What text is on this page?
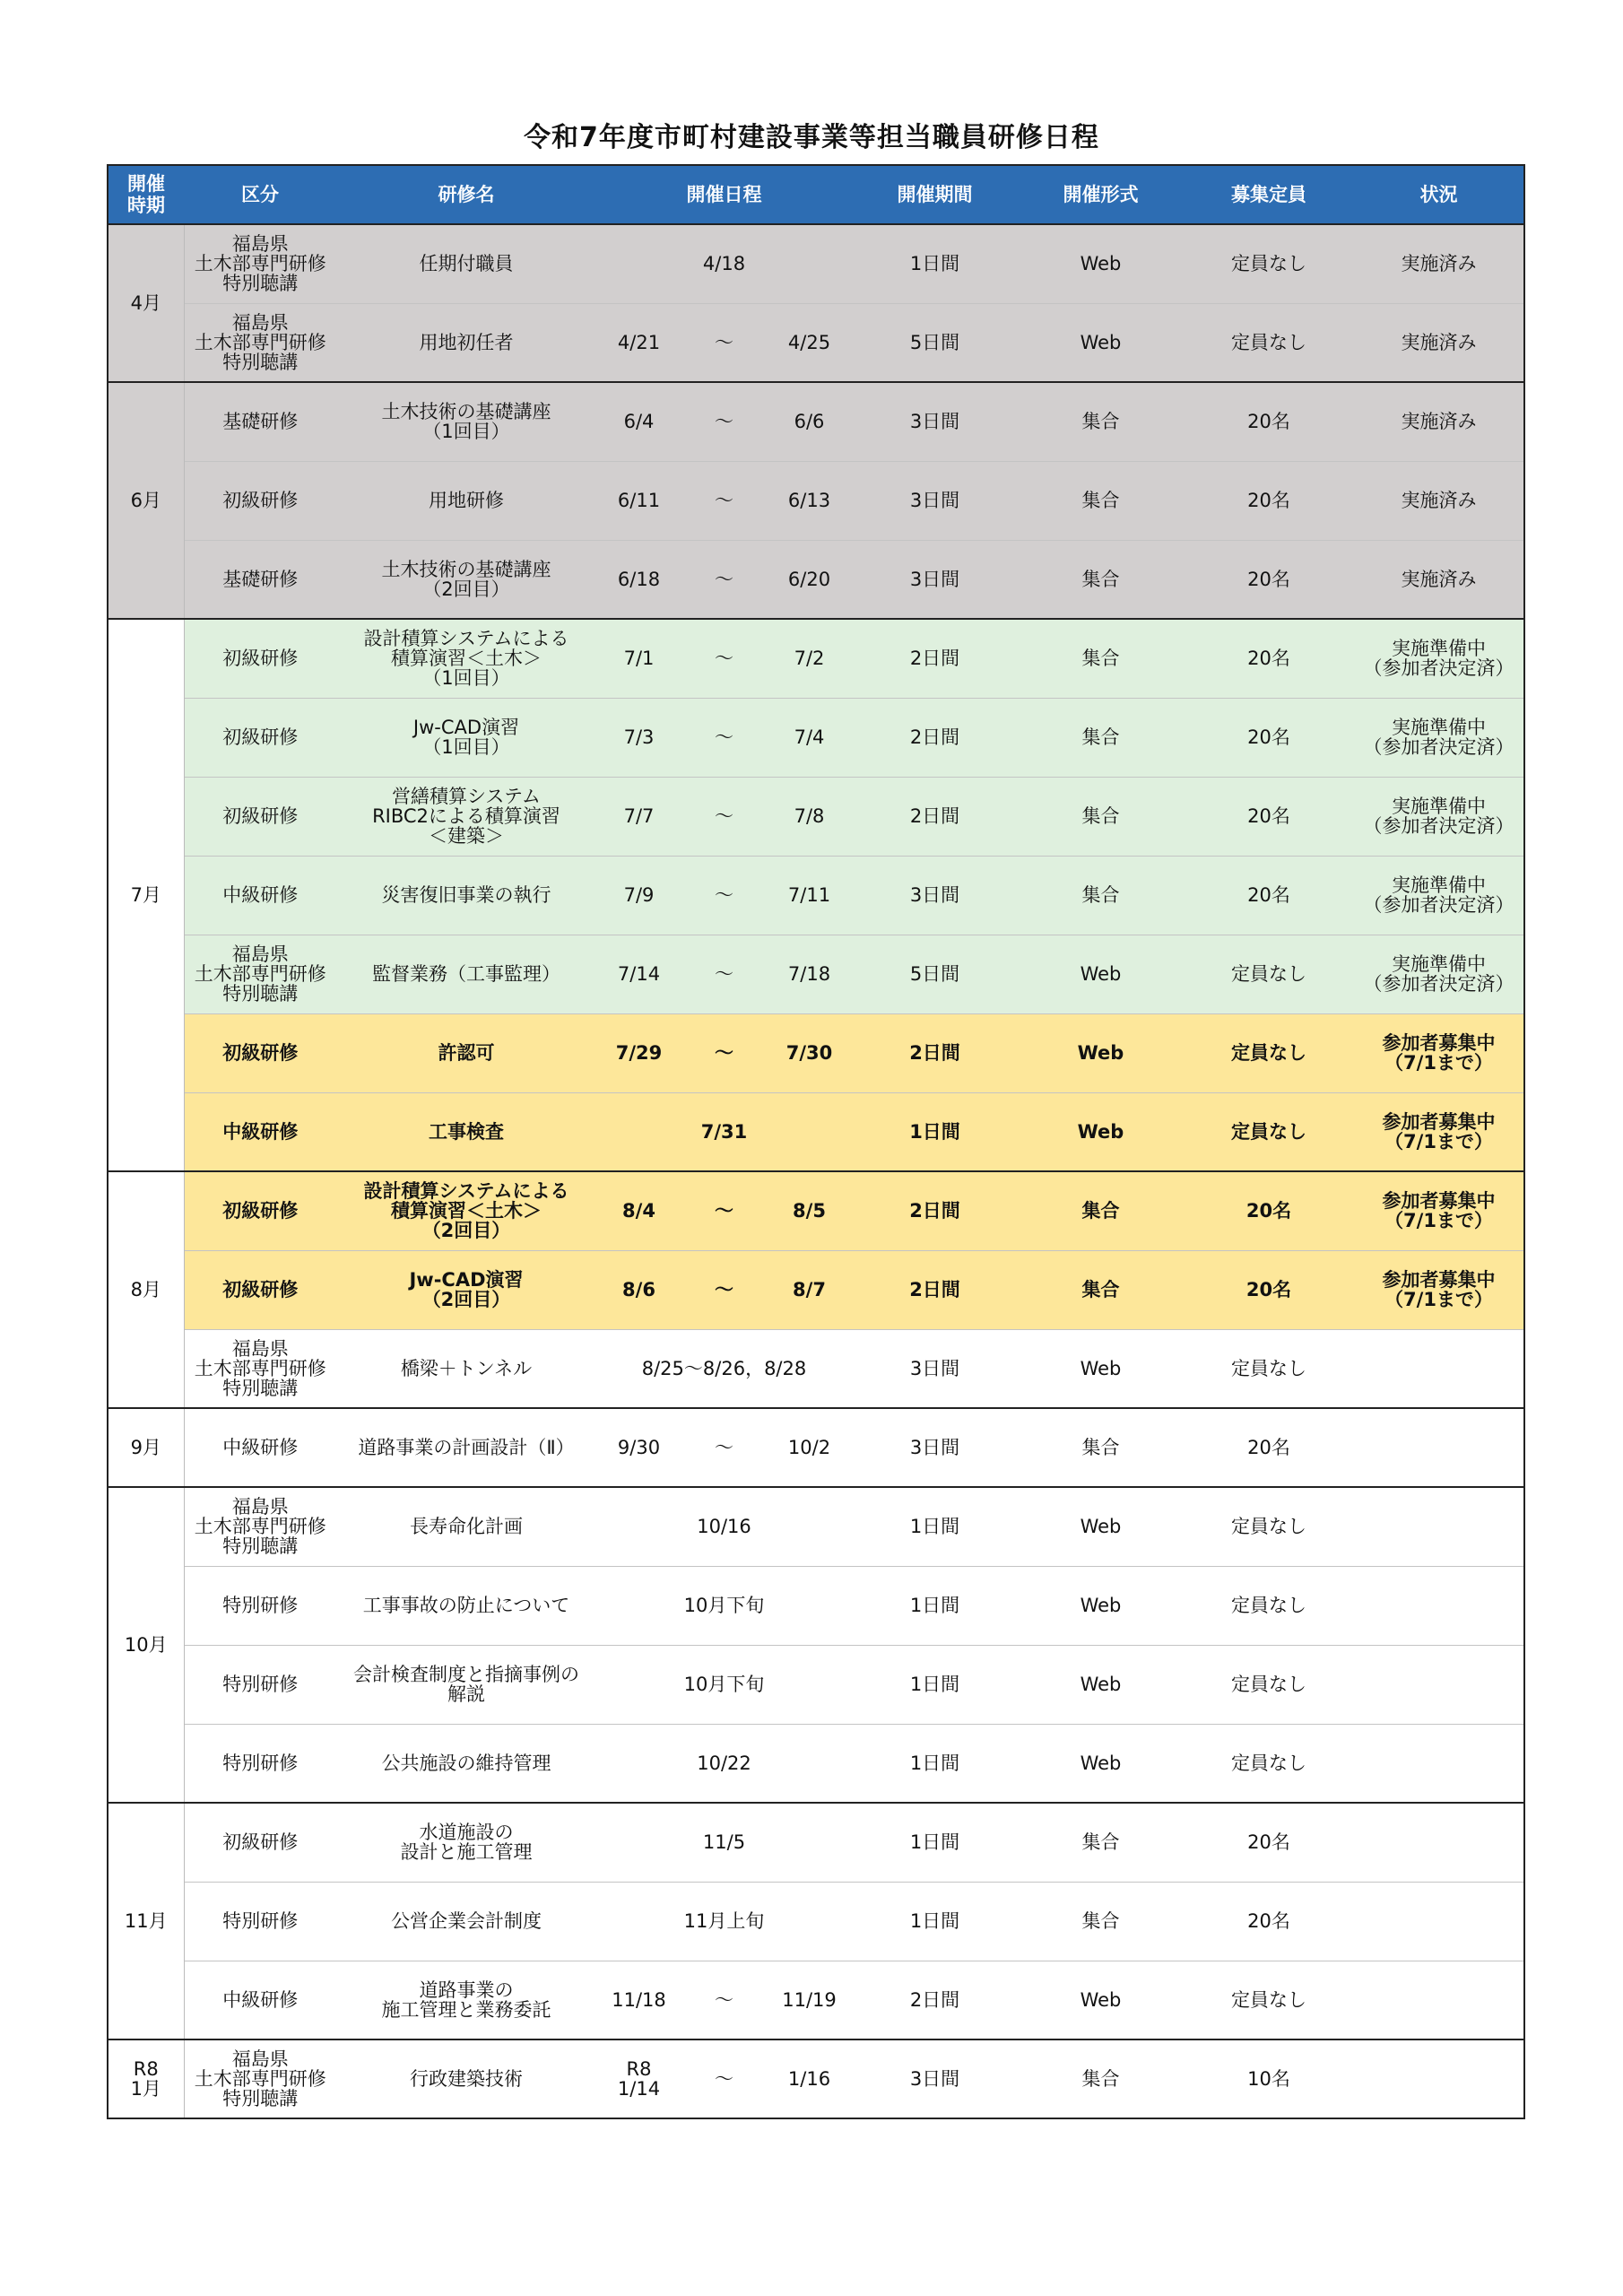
令和7年度市町村建設事業等担当職員研修日程
開催
時期	区分	研修名	開催日程			開催期間	開催形式	募集定員	状況
4月	福島県
土木部専門研修
特別聴講	任期付職員	4/18			1日間	Web	定員なし	実施済み
	福島県
土木部専門研修
特別聴講	用地初任者	4/21	～	4/25	5日間	Web	定員なし	実施済み
6月	基礎研修	土木技術の基礎講座
（1回目）	6/4	～	6/6	3日間	集合	20名	実施済み
	初級研修	用地研修	6/11	～	6/13	3日間	集合	20名	実施済み
	基礎研修	土木技術の基礎講座
（2回目）	6/18	～	6/20	3日間	集合	20名	実施済み
7月	初級研修	設計積算システムによる
積算演習＜土木＞
（1回目）	7/1	～	7/2	2日間	集合	20名	実施準備中
（参加者決定済）
	初級研修	Jw-CAD演習
（1回目）	7/3	～	7/4	2日間	集合	20名	実施準備中
（参加者決定済）
	初級研修	営繕積算システム
RIBC2による積算演習
＜建築＞	7/7	～	7/8	2日間	集合	20名	実施準備中
（参加者決定済）
	中級研修	災害復旧事業の執行	7/9	～	7/11	3日間	集合	20名	実施準備中
（参加者決定済）
	福島県
土木部専門研修
特別聴講	監督業務（工事監理）	7/14	～	7/18	5日間	Web	定員なし	実施準備中
（参加者決定済）
	初級研修	許認可	7/29	～	7/30	2日間	Web	定員なし	参加者募集中
（7/1まで）
	中級研修	工事検査	7/31			1日間	Web	定員なし	参加者募集中
（7/1まで）
8月	初級研修	設計積算システムによる
積算演習＜土木＞
（2回目）	8/4	～	8/5	2日間	集合	20名	参加者募集中
（7/1まで）
	初級研修	Jw-CAD演習
（2回目）	8/6	～	8/7	2日間	集合	20名	参加者募集中
（7/1まで）
	福島県
土木部専門研修
特別聴講	橋梁＋トンネル	8/25～8/26，8/28			3日間	Web	定員なし	
9月	中級研修	道路事業の計画設計（Ⅱ）	9/30	～	10/2	3日間	集合	20名	
10月	福島県
土木部専門研修
特別聴講	長寿命化計画	10/16			1日間	Web	定員なし	
	特別研修	工事事故の防止について	10月下旬			1日間	Web	定員なし	
	特別研修	会計検査制度と指摘事例の
解説	10月下旬			1日間	Web	定員なし	
	特別研修	公共施設の維持管理	10/22			1日間	Web	定員なし	
11月	初級研修	水道施設の
設計と施工管理	11/5			1日間	集合	20名	
	特別研修	公営企業会計制度	11月上旬			1日間	集合	20名	
	中級研修	道路事業の
施工管理と業務委託	11/18	～	11/19	2日間	Web	定員なし	
R8
1月	福島県
土木部専門研修
特別聴講	行政建築技術	R8
1/14	～	1/16	3日間	集合	10名	
